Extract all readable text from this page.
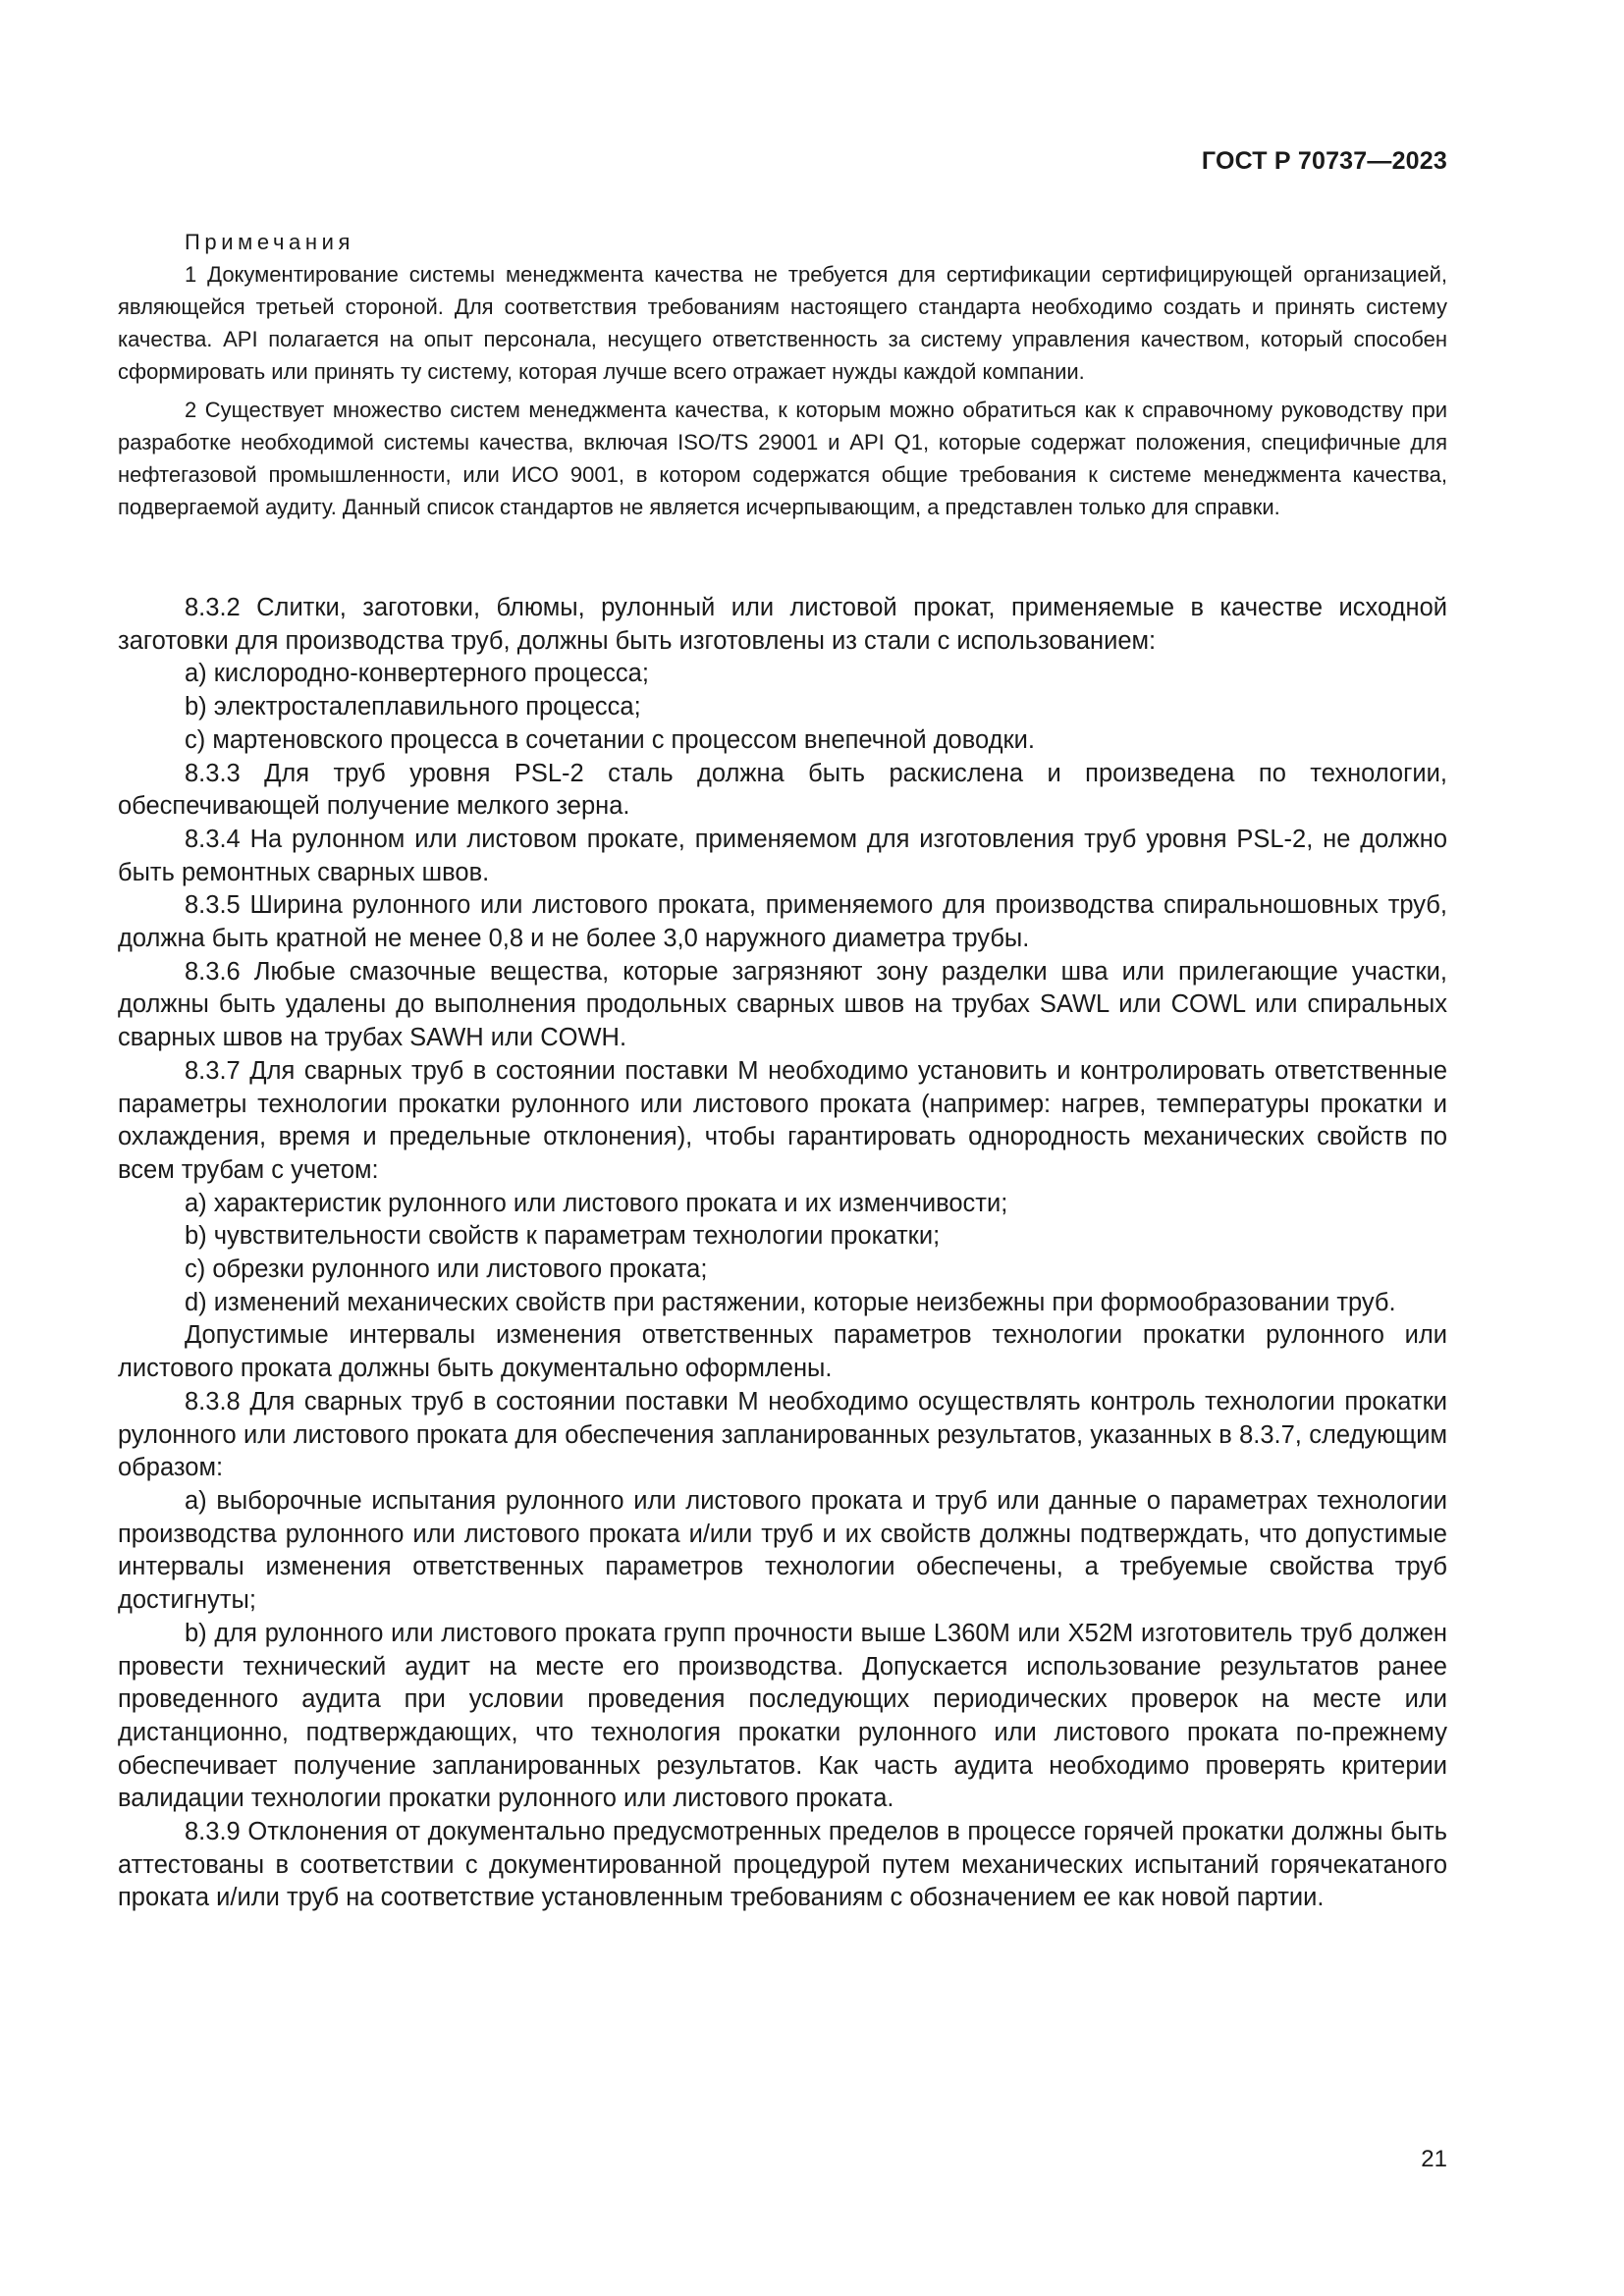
ГОСТ Р 70737—2023

Примечания

1 Документирование системы менеджмента качества не требуется для сертификации сертифицирующей организацией, являющейся третьей стороной. Для соответствия требованиям настоящего стандарта необходимо создать и принять систему качества. API полагается на опыт персонала, несущего ответственность за систему управления качеством, который способен сформировать или принять ту систему, которая лучше всего отражает нужды каждой компании.

2 Существует множество систем менеджмента качества, к которым можно обратиться как к справочному руководству при разработке необходимой системы качества, включая ISO/TS 29001 и API Q1, которые содержат положения, специфичные для нефтегазовой промышленности, или ИСО 9001, в котором содержатся общие требования к системе менеджмента качества, подвергаемой аудиту. Данный список стандартов не является исчерпывающим, а представлен только для справки.

8.3.2 Слитки, заготовки, блюмы, рулонный или листовой прокат, применяемые в качестве исходной заготовки для производства труб, должны быть изготовлены из стали с использованием:

a) кислородно-конвертерного процесса;

b) электросталеплавильного процесса;

c) мартеновского процесса в сочетании с процессом внепечной доводки.

8.3.3 Для труб уровня PSL-2 сталь должна быть раскислена и произведена по технологии, обеспечивающей получение мелкого зерна.

8.3.4 На рулонном или листовом прокате, применяемом для изготовления труб уровня PSL-2, не должно быть ремонтных сварных швов.

8.3.5 Ширина рулонного или листового проката, применяемого для производства спиральношовных труб, должна быть кратной не менее 0,8 и не более 3,0 наружного диаметра трубы.

8.3.6 Любые смазочные вещества, которые загрязняют зону разделки шва или прилегающие участки, должны быть удалены до выполнения продольных сварных швов на трубах SAWL или COWL или спиральных сварных швов на трубах SAWH или COWH.

8.3.7 Для сварных труб в состоянии поставки М необходимо установить и контролировать ответственные параметры технологии прокатки рулонного или листового проката (например: нагрев, температуры прокатки и охлаждения, время и предельные отклонения), чтобы гарантировать однородность механических свойств по всем трубам с учетом:

a) характеристик рулонного или листового проката и их изменчивости;

b) чувствительности свойств к параметрам технологии прокатки;

c) обрезки рулонного или листового проката;

d) изменений механических свойств при растяжении, которые неизбежны при формообразовании труб.

Допустимые интервалы изменения ответственных параметров технологии прокатки рулонного или листового проката должны быть документально оформлены.

8.3.8 Для сварных труб в состоянии поставки М необходимо осуществлять контроль технологии прокатки рулонного или листового проката для обеспечения запланированных результатов, указанных в 8.3.7, следующим образом:

a) выборочные испытания рулонного или листового проката и труб или данные о параметрах технологии производства рулонного или листового проката и/или труб и их свойств должны подтверждать, что допустимые интервалы изменения ответственных параметров технологии обеспечены, а требуемые свойства труб достигнуты;

b) для рулонного или листового проката групп прочности выше L360M или X52M изготовитель труб должен провести технический аудит на месте его производства. Допускается использование результатов ранее проведенного аудита при условии проведения последующих периодических проверок на месте или дистанционно, подтверждающих, что технология прокатки рулонного или листового проката по-прежнему обеспечивает получение запланированных результатов. Как часть аудита необходимо проверять критерии валидации технологии прокатки рулонного или листового проката.

8.3.9 Отклонения от документально предусмотренных пределов в процессе горячей прокатки должны быть аттестованы в соответствии с документированной процедурой путем механических испытаний горячекатаного проката и/или труб на соответствие установленным требованиям с обозначением ее как новой партии.

21
